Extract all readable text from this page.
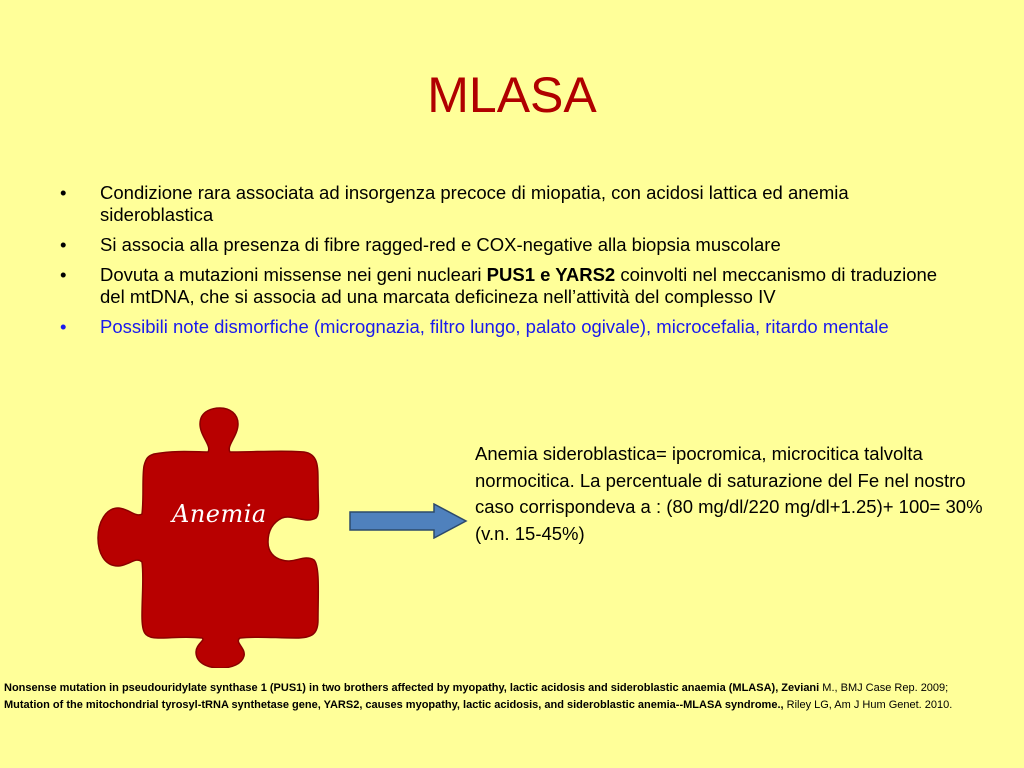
MLASA
•	Condizione rara associata ad insorgenza precoce di miopatia, con acidosi lattica ed anemia sideroblastica
•	Si associa alla presenza di fibre ragged-red e COX-negative alla biopsia muscolare
•	Dovuta a mutazioni missense nei geni nucleari PUS1 e YARS2 coinvolti nel meccanismo di traduzione del mtDNA, che si associa ad una marcata deficineza nell’attività del complesso IV
•	Possibili note dismorfiche (micrognazia, filtro lungo, palato ogivale), microcefalia, ritardo mentale
Anemia
Anemia sideroblastica= ipocromica, microcitica talvolta normocitica. La percentuale di saturazione del Fe nel nostro caso corrispondeva a : (80 mg/dl/220 mg/dl+1.25)+ 100= 30% (v.n. 15-45%)
Nonsense mutation in pseudouridylate synthase 1 (PUS1) in two brothers affected by myopathy, lactic acidosis and sideroblastic anaemia (MLASA), Zeviani M., BMJ Case Rep. 2009;
Mutation of the mitochondrial tyrosyl-tRNA synthetase gene, YARS2, causes myopathy, lactic acidosis, and sideroblastic anemia--MLASA syndrome., Riley LG, Am J Hum Genet. 2010.
